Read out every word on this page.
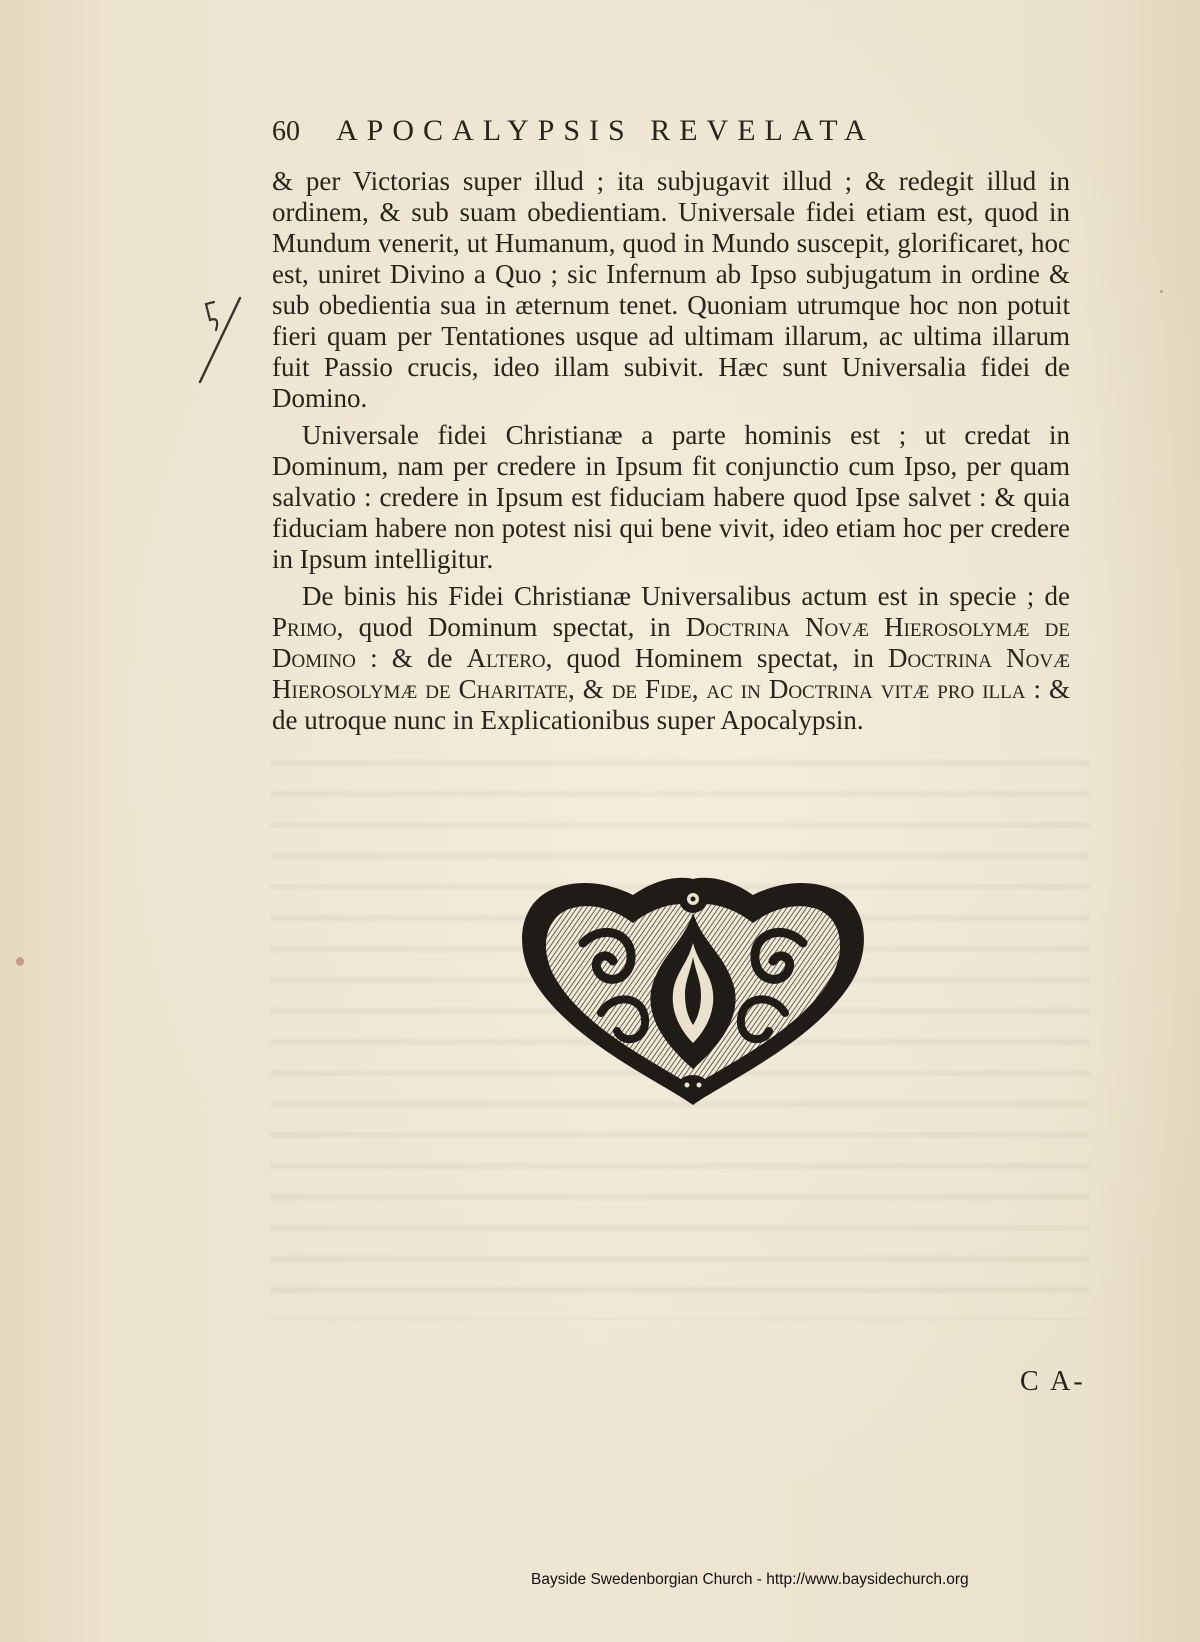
60 APOCALYPSIS REVELATA

& per Victorias super illud ; ita subjugavit illud ; & redegit illud in ordinem, & sub suam obedientiam. Universale fidei etiam est, quod in Mundum venerit, ut Humanum, quod in Mundo suscepit, glorificaret, hoc est, uniret Divino a Quo ; sic Infernum ab Ipso subjugatum in ordine & sub obedientia sua in æternum tenet. Quoniam utrumque hoc non potuit fieri quam per Tentationes usque ad ultimam illarum, ac ultima illarum fuit Passio crucis, ideo illam subivit. Hæc sunt Universalia fidei de Domino.

Universale fidei Christianæ a parte hominis est ; ut credat in Dominum, nam per credere in Ipsum fit conjunctio cum Ipso, per quam salvatio : credere in Ipsum est fiduciam habere quod Ipse salvet : & quia fiduciam habere non potest nisi qui bene vivit, ideo etiam hoc per credere in Ipsum intelligitur.

De binis his Fidei Christianæ Universalibus actum est in specie ; de Primo, quod Dominum spectat, in Doctrina Novæ Hierosolymæ de Domino : & de Altero, quod Hominem spectat, in Doctrina Novæ Hierosolymæ de Charitate, & de Fide, ac in Doctrina vitæ pro illa : & de utroque nunc in Explicationibus super Apocalypsin.

C A-
Bayside Swedenborgian Church - http://www.baysidechurch.org
